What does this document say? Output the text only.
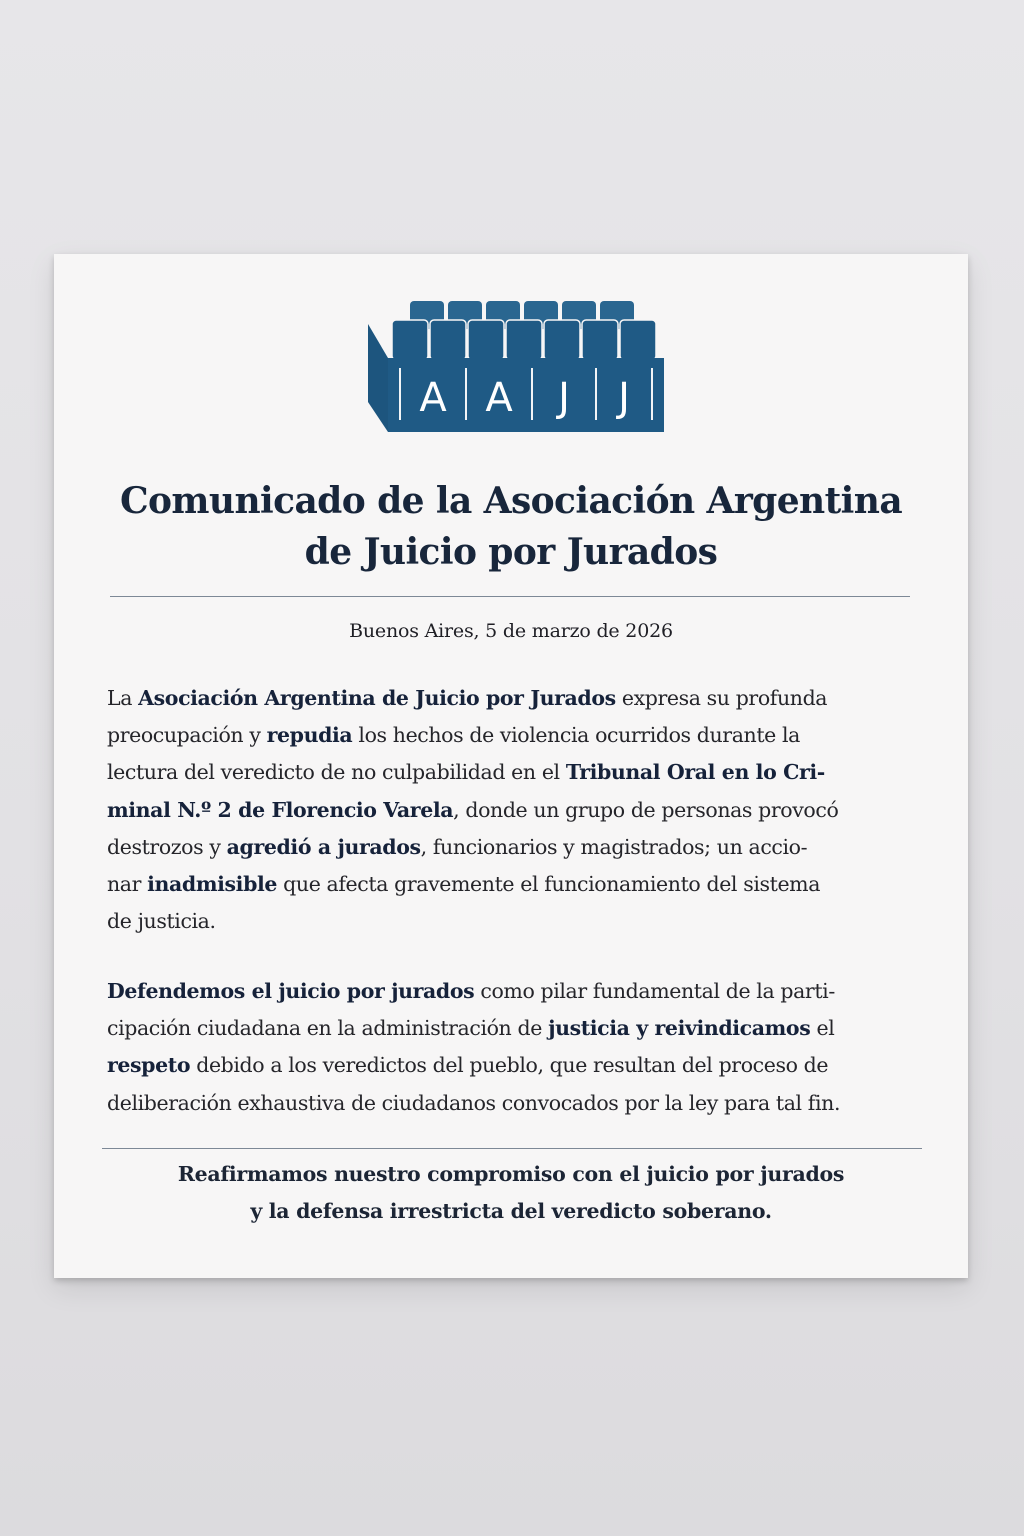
A A J J
Comunicado de la Asociación Argentina
de Juicio por Jurados
Buenos Aires, 5 de marzo de 2026

La Asociación Argentina de Juicio por Jurados expresa su profunda
preocupación y repudia los hechos de violencia ocurridos durante la
lectura del veredicto de no culpabilidad en el Tribunal Oral en lo Cri-
minal N.º 2 de Florencio Varela, donde un grupo de personas provocó
destrozos y agredió a jurados, funcionarios y magistrados; un accio-
nar inadmisible que afecta gravemente el funcionamiento del sistema
de justicia.

Defendemos el juicio por jurados como pilar fundamental de la parti-
cipación ciudadana en la administración de justicia y reivindicamos el
respeto debido a los veredictos del pueblo, que resultan del proceso de
deliberación exhaustiva de ciudadanos convocados por la ley para tal fin.

Reafirmamos nuestro compromiso con el juicio por jurados
y la defensa irrestricta del veredicto soberano.
